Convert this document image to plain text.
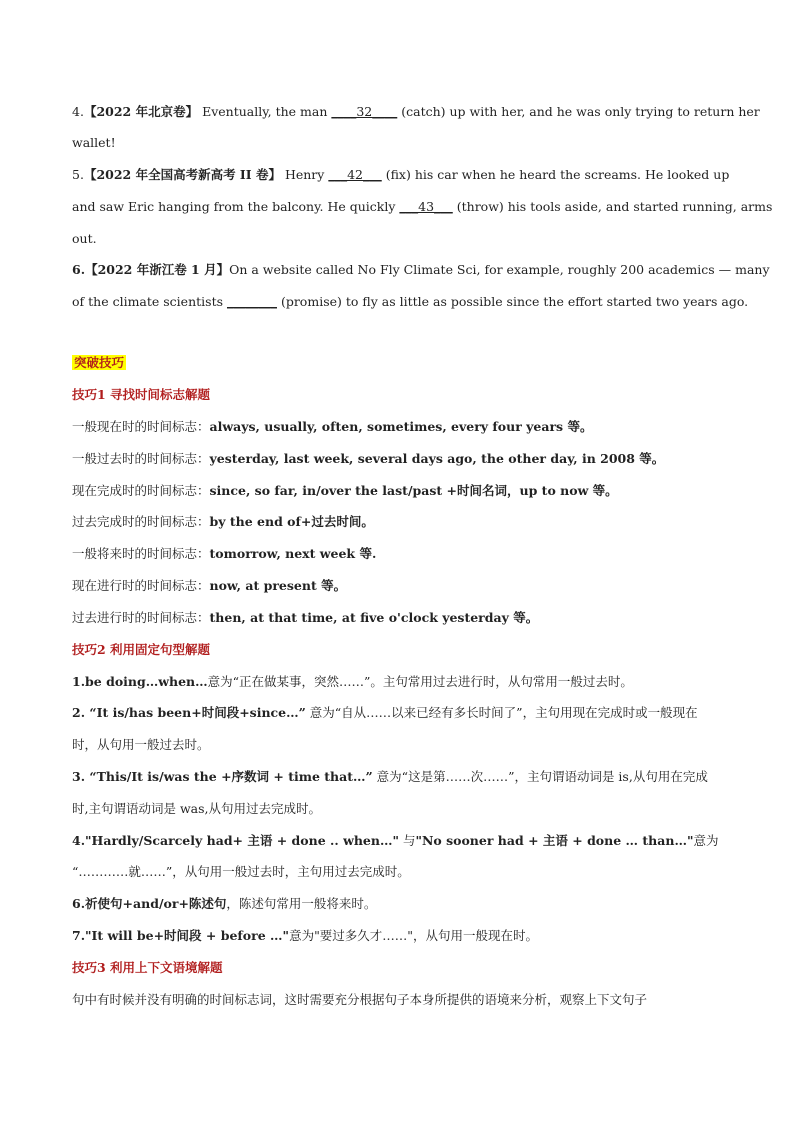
4.【2022 年北京卷】 Eventually, the man ____32____ (catch) up with her, and he was only trying to return her
wallet!
5.【2022 年全国高考新高考 II 卷】 Henry ___42___ (fix) his car when he heard the screams. He looked up
and saw Eric hanging from the balcony. He quickly ___43___ (throw) his tools aside, and started running, arms
out.
6.【2022 年浙江卷 1 月】On a website called No Fly Climate Sci, for example, roughly 200 academics — many
of the climate scientists ________ (promise) to fly as little as possible since the effort started two years ago.
突破技巧
技巧1 寻找时间标志解题
一般现在时的时间标志：always, usually, often, sometimes, every four years 等。
一般过去时的时间标志：yesterday, last week, several days ago, the other day, in 2008 等。
现在完成时的时间标志：since, so far, in/over the last/past +时间名词，up to now 等。
过去完成时的时间标志：by the end of+过去时间。
一般将来时的时间标志：tomorrow, next week 等.
现在进行时的时间标志：now, at present 等。
过去进行时的时间标志：then, at that time, at five o'clock yesterday 等。
技巧2 利用固定句型解题
1.be doing…when…意为“正在做某事，突然……”。主句常用过去进行时，从句常用一般过去时。
2. “It is/has been+时间段+since…” 意为“自从……以来已经有多长时间了”，主句用现在完成时或一般现在
时，从句用一般过去时。
3. “This/It is/was the +序数词 + time that…” 意为“这是第……次……”，主句谓语动词是 is,从句用在完成
时,主句谓语动词是 was,从句用过去完成时。
4."Hardly/Scarcely had+ 主语 + done .. when…" 与"No sooner had + 主语 + done … than…"意为
“…………就……”，从句用一般过去时，主句用过去完成时。
6.祈使句+and/or+陈述句，陈述句常用一般将来时。
7."It will be+时间段 + before …"意为"要过多久才……"，从句用一般现在时。
技巧3 利用上下文语境解题
句中有时候并没有明确的时间标志词，这时需要充分根据句子本身所提供的语境来分析，观察上下文句子
